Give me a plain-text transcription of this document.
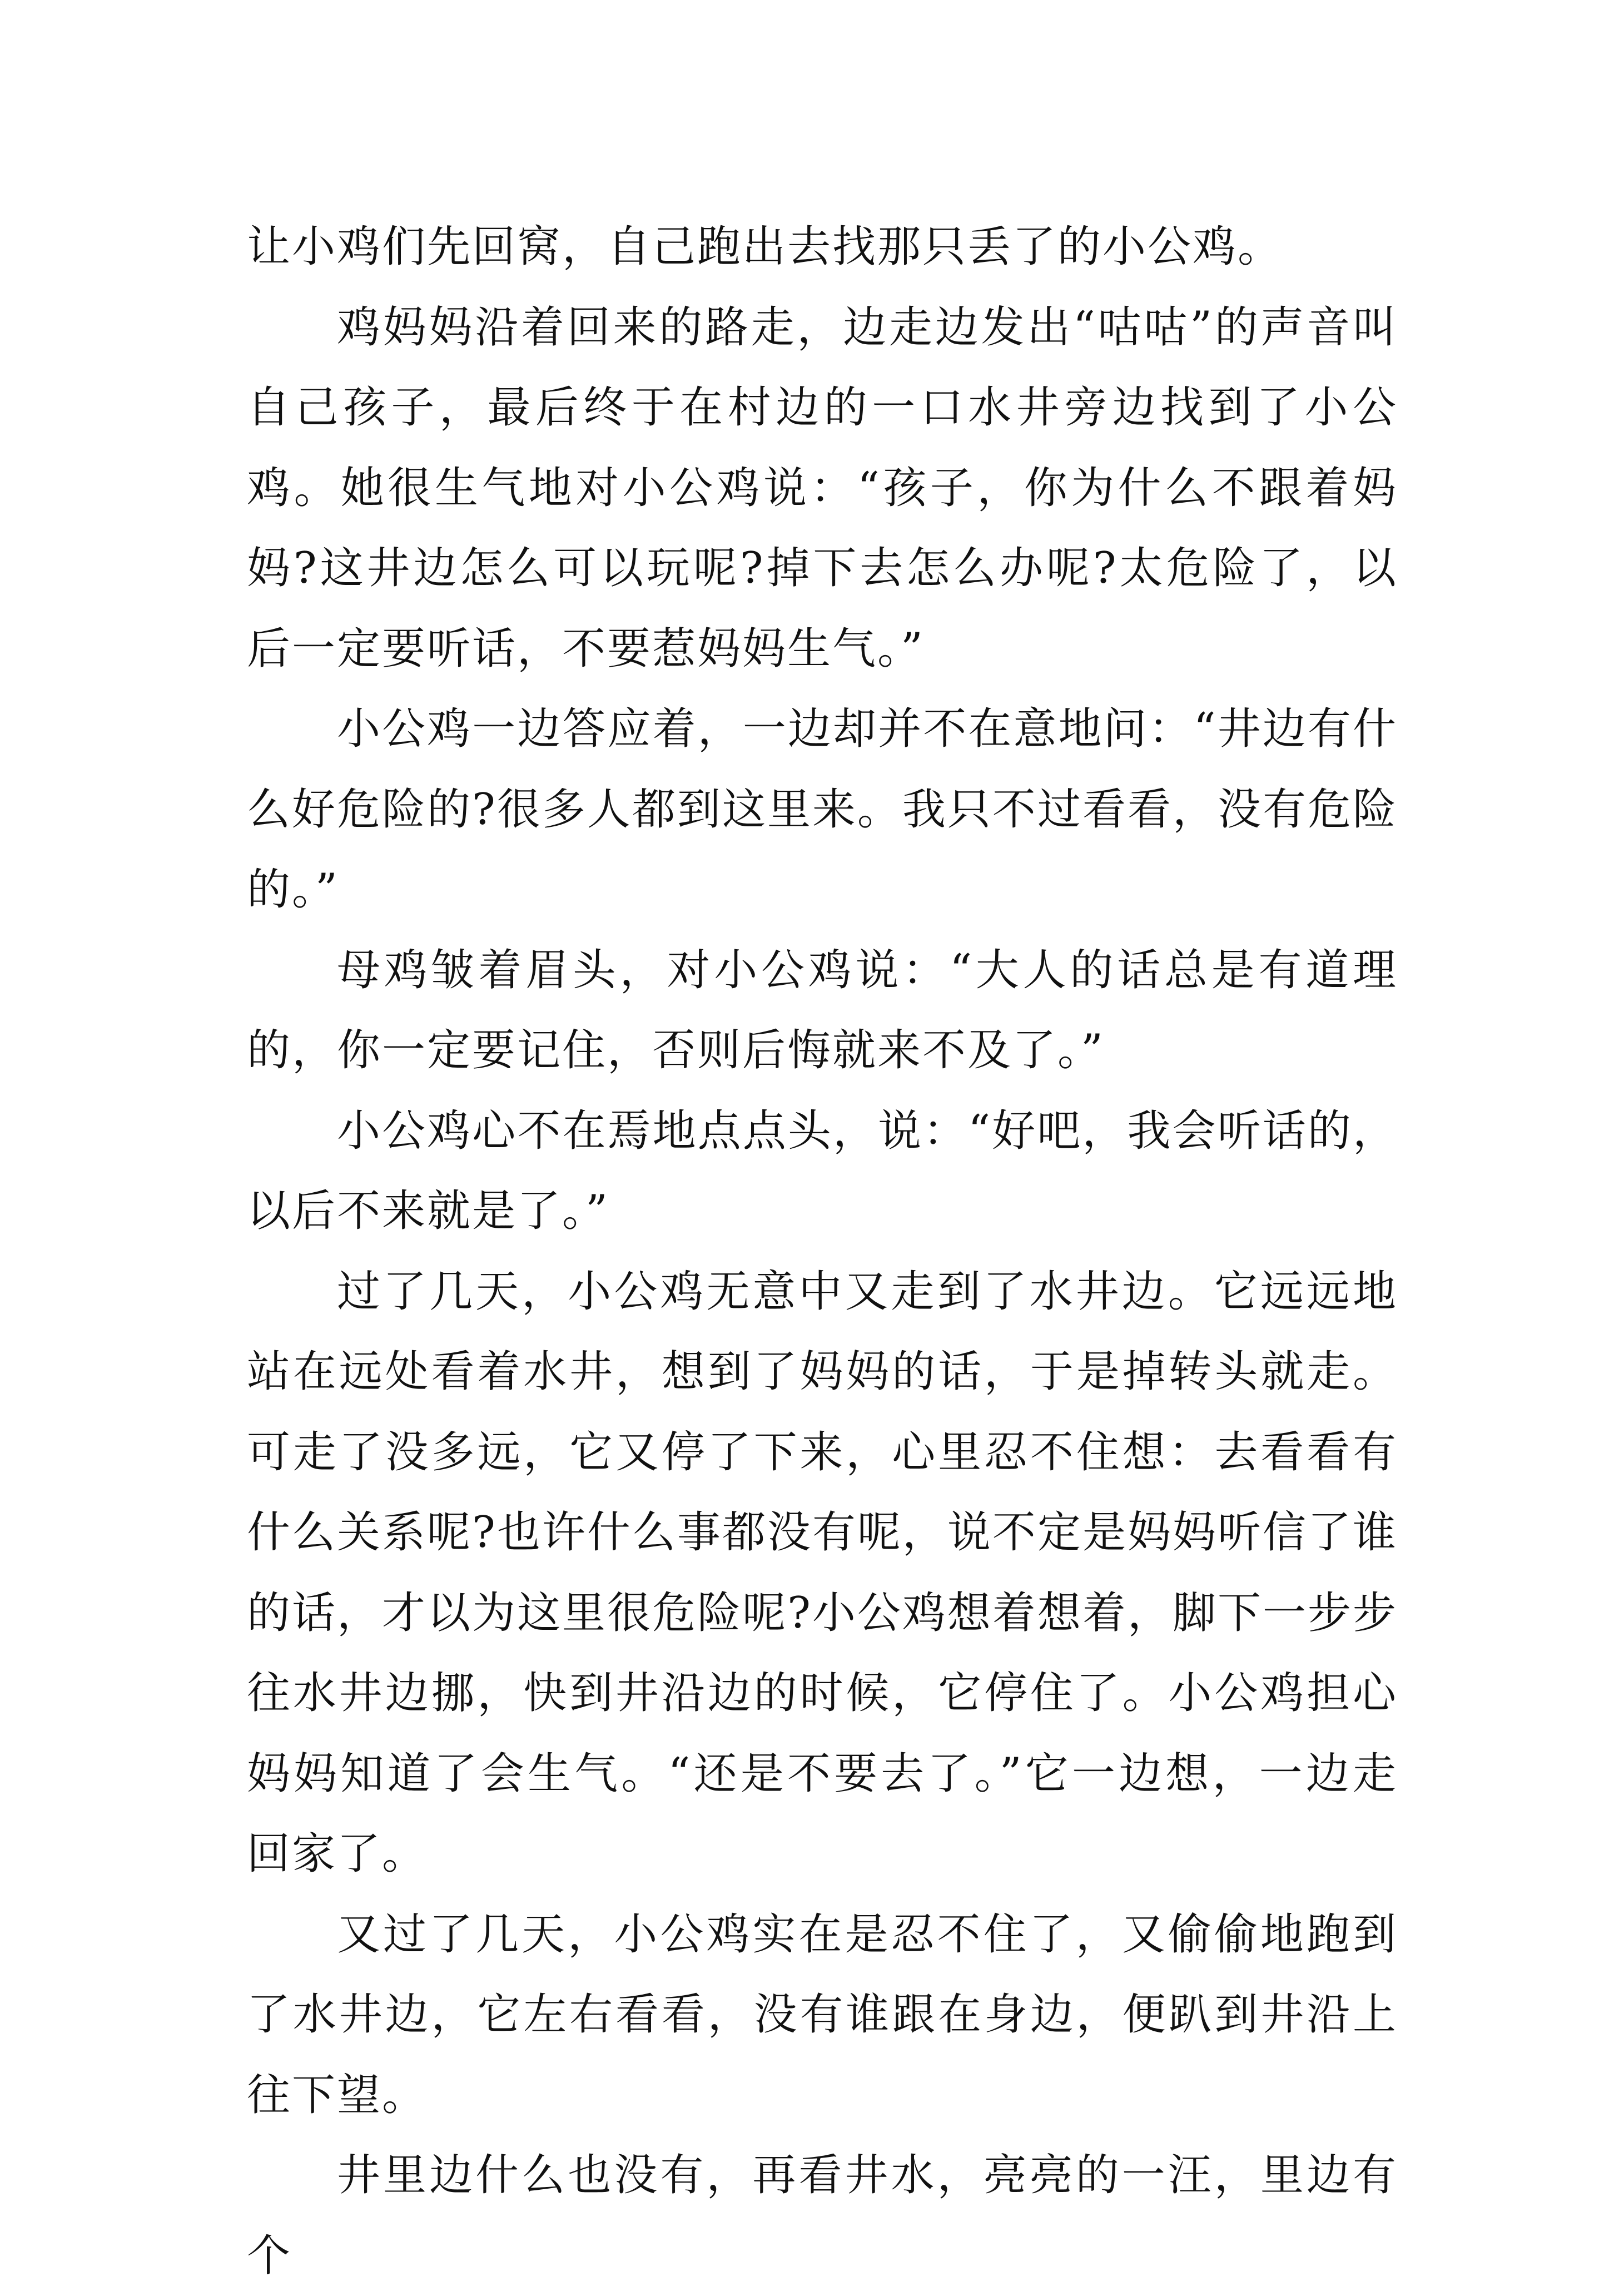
让小鸡们先回窝，自己跑出去找那只丢了的小公鸡。

鸡妈妈沿着回来的路走，边走边发出“咕咕”的声音叫自己孩子，最后终于在村边的一口水井旁边找到了小公鸡。她很生气地对小公鸡说：“孩子，你为什么不跟着妈妈?这井边怎么可以玩呢?掉下去怎么办呢?太危险了，以后一定要听话，不要惹妈妈生气。”

小公鸡一边答应着，一边却并不在意地问：“井边有什么好危险的?很多人都到这里来。我只不过看看，没有危险的。”

母鸡皱着眉头，对小公鸡说：“大人的话总是有道理的，你一定要记住，否则后悔就来不及了。”

小公鸡心不在焉地点点头，说：“好吧，我会听话的，以后不来就是了。”

过了几天，小公鸡无意中又走到了水井边。它远远地站在远处看着水井，想到了妈妈的话，于是掉转头就走。可走了没多远，它又停了下来，心里忍不住想：去看看有什么关系呢?也许什么事都没有呢，说不定是妈妈听信了谁的话，才以为这里很危险呢?小公鸡想着想着，脚下一步步往水井边挪，快到井沿边的时候，它停住了。小公鸡担心妈妈知道了会生气。“还是不要去了。”它一边想，一边走回家了。

又过了几天，小公鸡实在是忍不住了，又偷偷地跑到了水井边，它左右看看，没有谁跟在身边，便趴到井沿上往下望。

井里边什么也没有，再看井水，亮亮的一汪，里边有个
